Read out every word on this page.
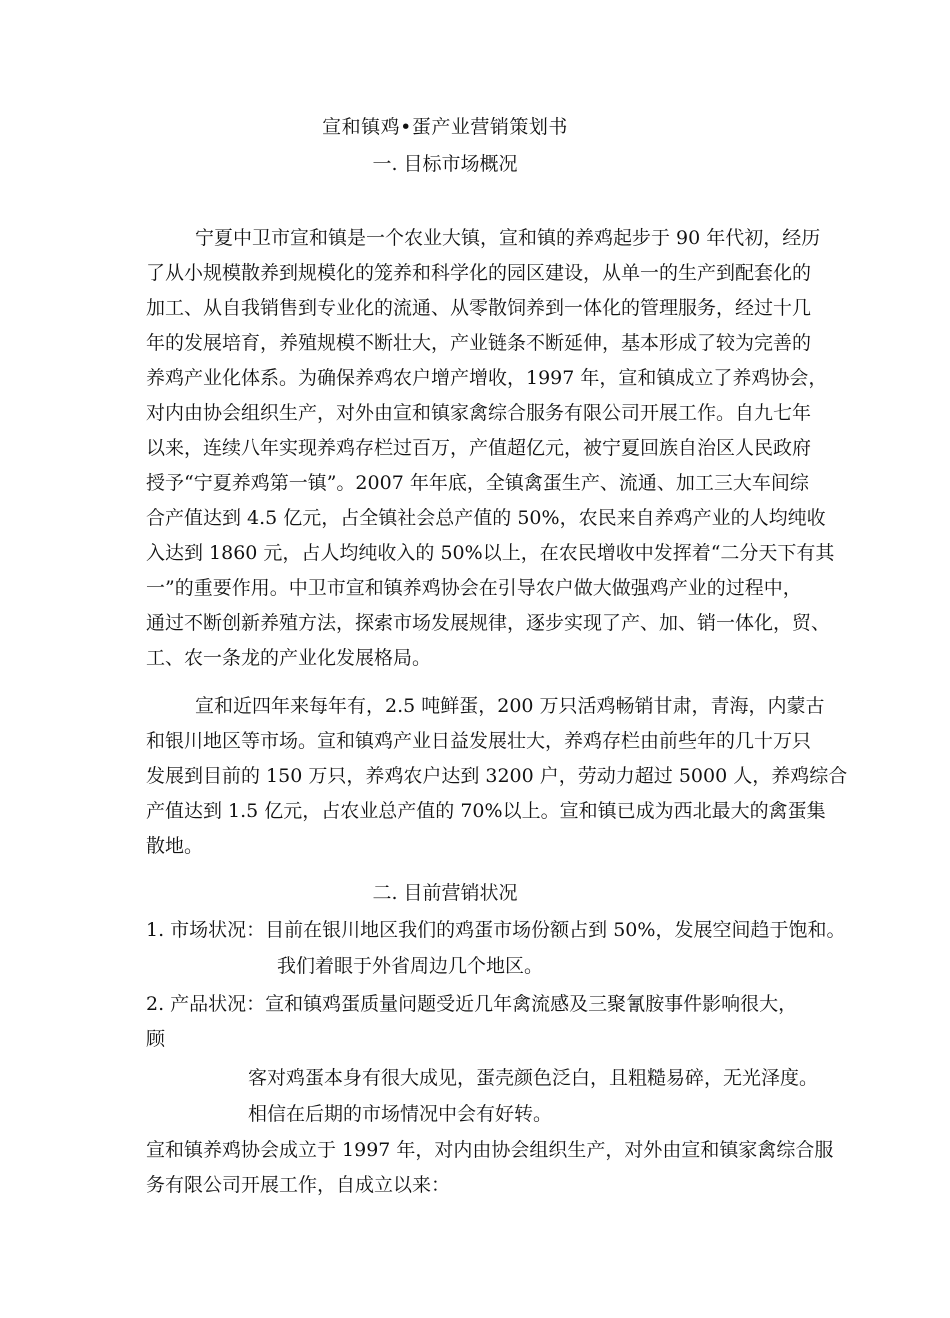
宣和镇鸡•蛋产业营销策划书
一. 目标市场概况
宁夏中卫市宣和镇是一个农业大镇，宣和镇的养鸡起步于 90 年代初，经历
了从小规模散养到规模化的笼养和科学化的园区建设，从单一的生产到配套化的
加工、从自我销售到专业化的流通、从零散饲养到一体化的管理服务，经过十几
年的发展培育，养殖规模不断壮大，产业链条不断延伸，基本形成了较为完善的
养鸡产业化体系。为确保养鸡农户增产增收，1997 年，宣和镇成立了养鸡协会，
对内由协会组织生产，对外由宣和镇家禽综合服务有限公司开展工作。自九七年
以来，连续八年实现养鸡存栏过百万，产值超亿元，被宁夏回族自治区人民政府
授予“宁夏养鸡第一镇”。2007 年年底，全镇禽蛋生产、流通、加工三大车间综
合产值达到 4.5 亿元，占全镇社会总产值的 50%，农民来自养鸡产业的人均纯收
入达到 1860 元，占人均纯收入的 50%以上，在农民增收中发挥着“二分天下有其
一”的重要作用。中卫市宣和镇养鸡协会在引导农户做大做强鸡产业的过程中，
通过不断创新养殖方法，探索市场发展规律，逐步实现了产、加、销一体化，贸、
工、农一条龙的产业化发展格局。
宣和近四年来每年有，2.5 吨鲜蛋，200 万只活鸡畅销甘肃，青海，内蒙古
和银川地区等市场。宣和镇鸡产业日益发展壮大，养鸡存栏由前些年的几十万只
发展到目前的 150 万只，养鸡农户达到 3200 户，劳动力超过 5000 人，养鸡综合
产值达到 1.5 亿元，占农业总产值的 70%以上。宣和镇已成为西北最大的禽蛋集
散地。
二. 目前营销状况
1. 市场状况：目前在银川地区我们的鸡蛋市场份额占到 50%，发展空间趋于饱和。
我们着眼于外省周边几个地区。
2. 产品状况：宣和镇鸡蛋质量问题受近几年禽流感及三聚氰胺事件影响很大，
顾
客对鸡蛋本身有很大成见，蛋壳颜色泛白，且粗糙易碎，无光泽度。
相信在后期的市场情况中会有好转。
宣和镇养鸡协会成立于 1997 年，对内由协会组织生产，对外由宣和镇家禽综合服
务有限公司开展工作，自成立以来：
